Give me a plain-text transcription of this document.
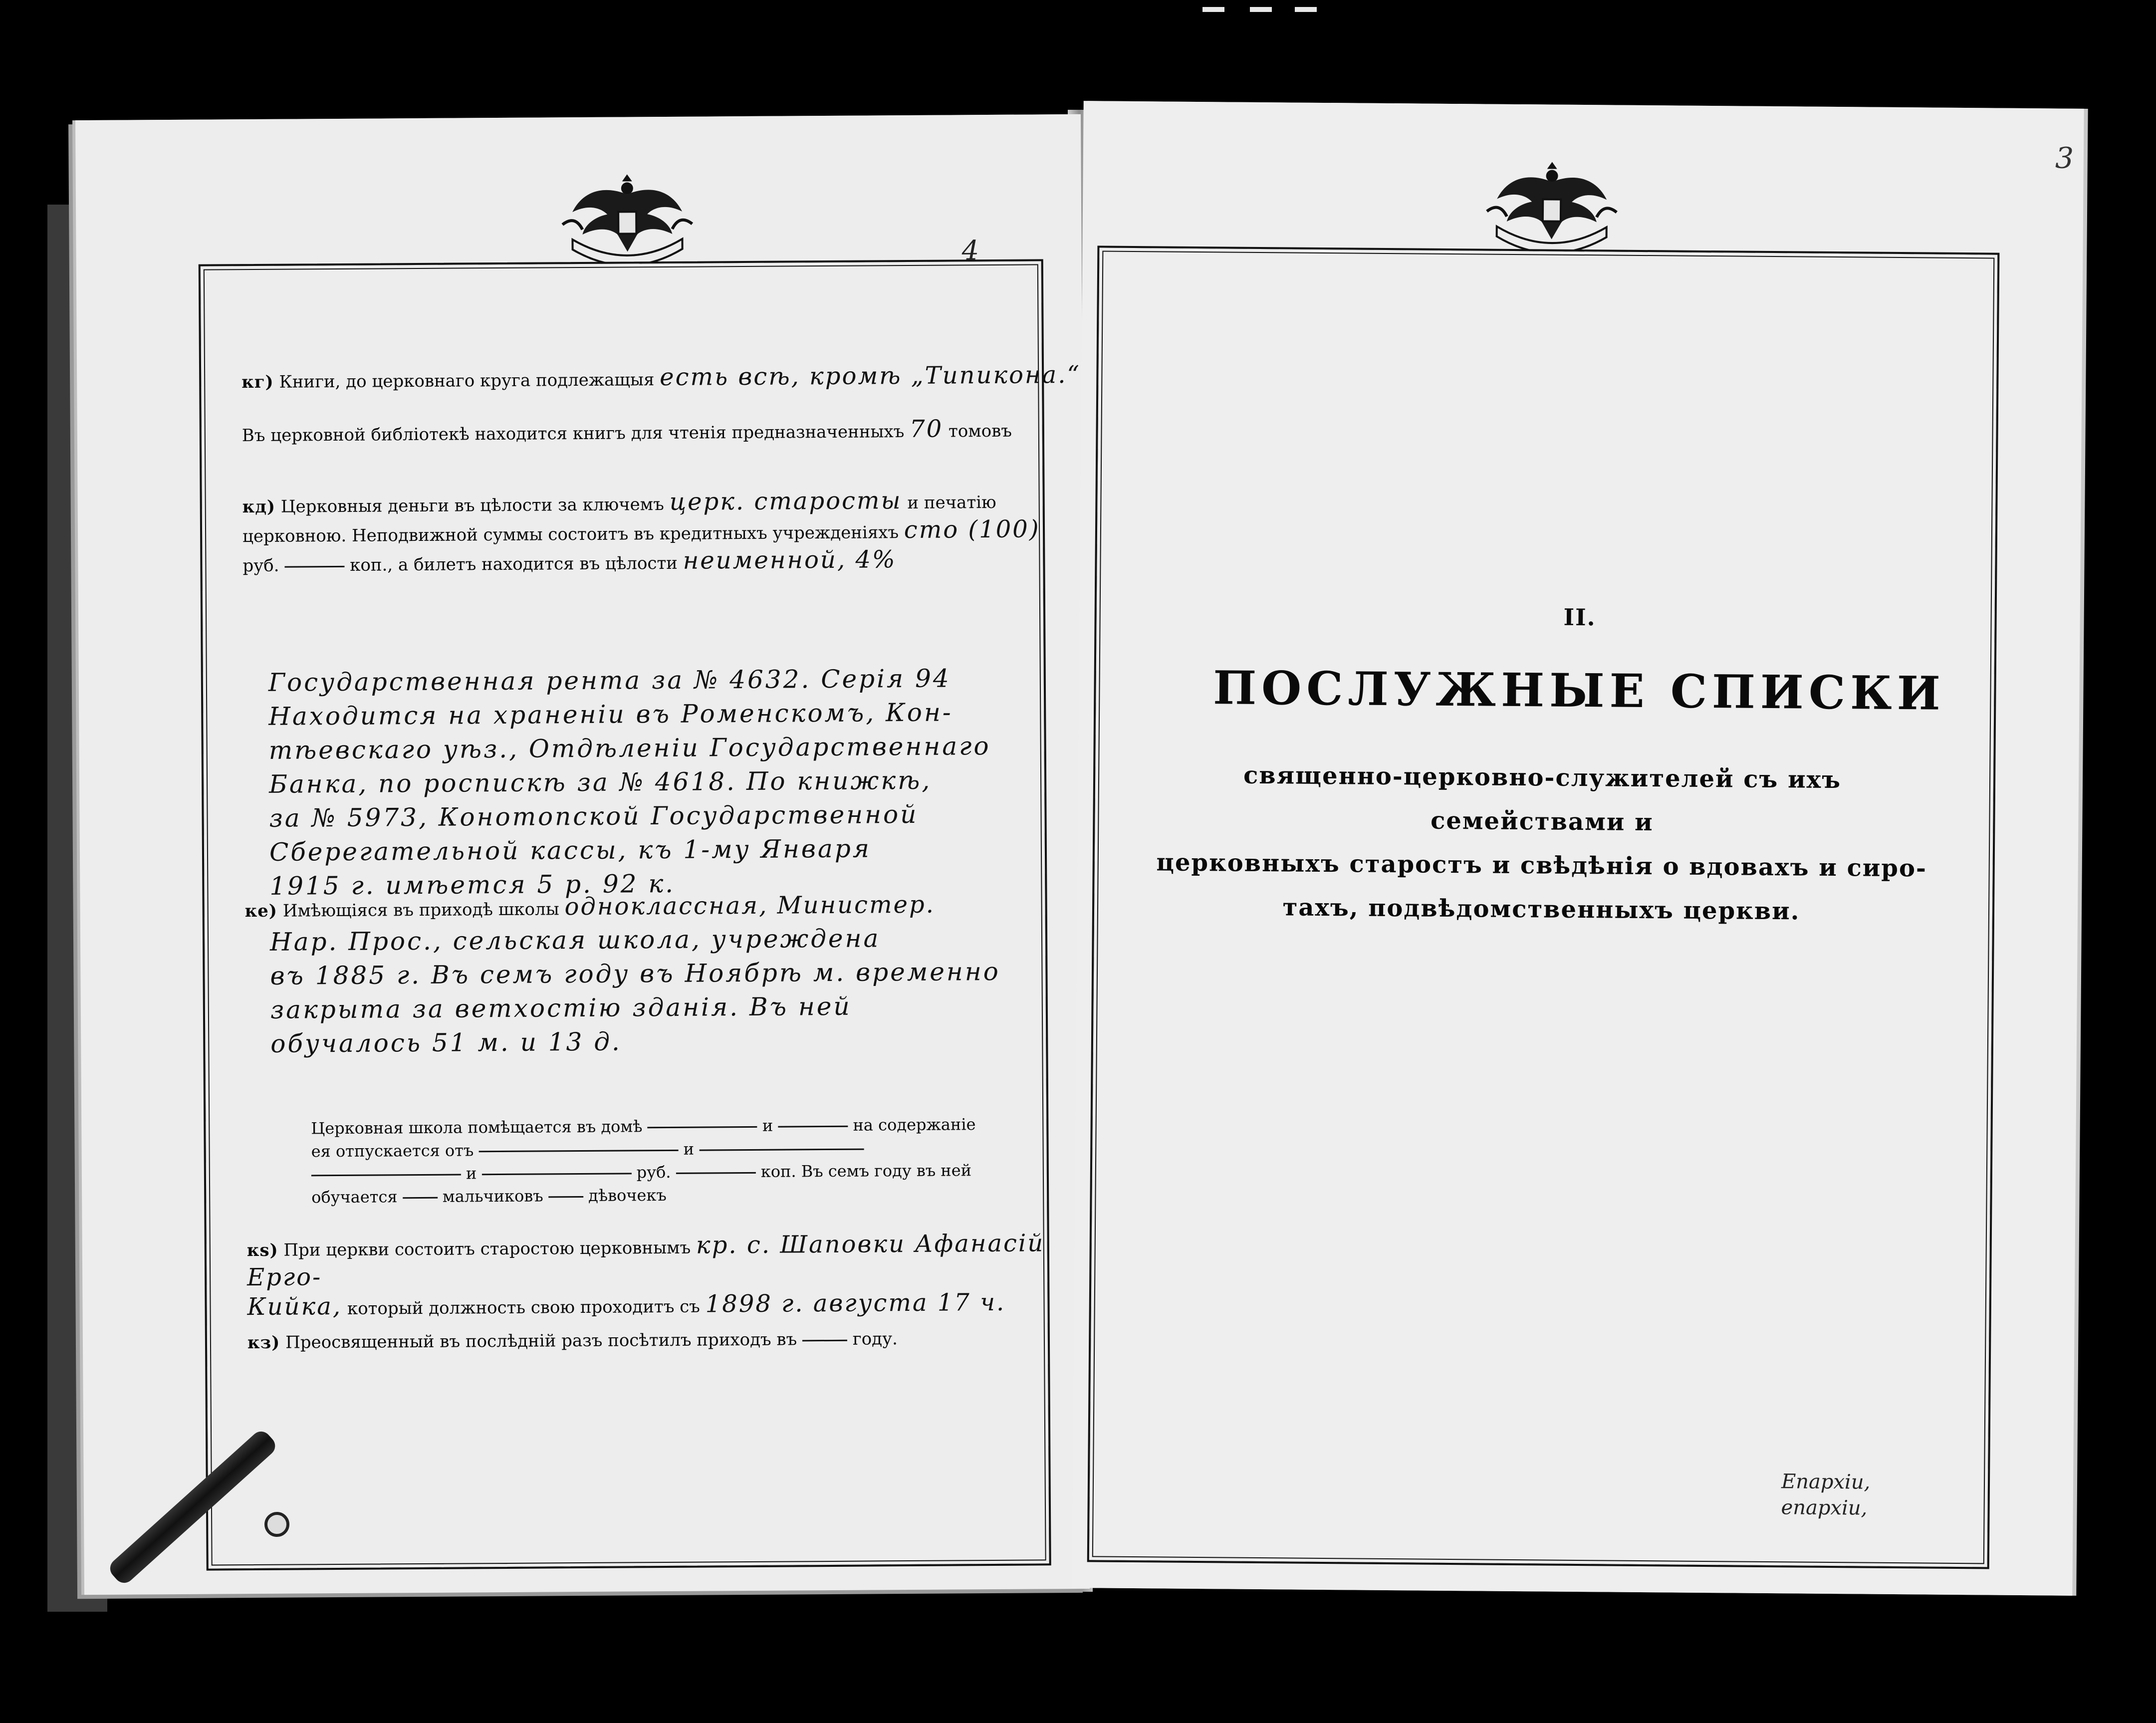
4
кг) Книги, до церковнаго круга подлежащыя есть всѣ, кромѣ „Типикона.“
Въ церковной библіотекѣ находится книгъ для чтенія предназначенныхъ 70 томовъ
кд) Церковныя деньги въ цѣлости за ключемъ церк. старосты и печатію церковною. Неподвижной суммы состоитъ въ кредитныхъ учрежденіяхъ сто (100)
руб.	коп., а билетъ находится въ цѣлости неименной, 4%
Государственная рента за № 4632. Серія 94
Находится на храненіи въ Роменскомъ, Кон-
тѣевскаго уѣз., Отдѣленіи Государственнаго
Банка, по роспискѣ за № 4618. По книжкѣ,
за № 5973, Конотопской Государственной
Сберегательной кассы, къ 1-му Января
1915 г. имѣется 5 р. 92 к.
ке) Имѣющіяся въ приходѣ школы одноклассная, Министер.
Нар. Прос., сельская школа, учреждена
въ 1885 г. Въ семъ году въ Ноябрѣ м. временно
закрыта за ветхостію зданія. Въ ней
обучалось 51 м. и 13 д.
Церковная школа помѣщается въ домѣ	и	на содержаніе
ея отпускается отъ	и
и	руб.	коп. Въ семъ году въ ней
обучается	мальчиковъ	дѣвочекъ
кѕ) При церкви состоитъ старостою церковнымъ кр. с. Шаповки Афанасій Ерго-
Кийка, который должность свою проходитъ съ 1898 г. августа 17 ч.
кз) Преосвященный въ послѣдній разъ посѣтилъ приходъ въ	году.
3
II.
ПОСЛУЖНЫЕ СПИСКИ
священно-церковно-служителей съ ихъ семействами и
церковныхъ старостъ и свѣдѣнія о вдовахъ и сиро-
тахъ, подвѣдомственныхъ церкви.
Епархіи,
епархіи,
